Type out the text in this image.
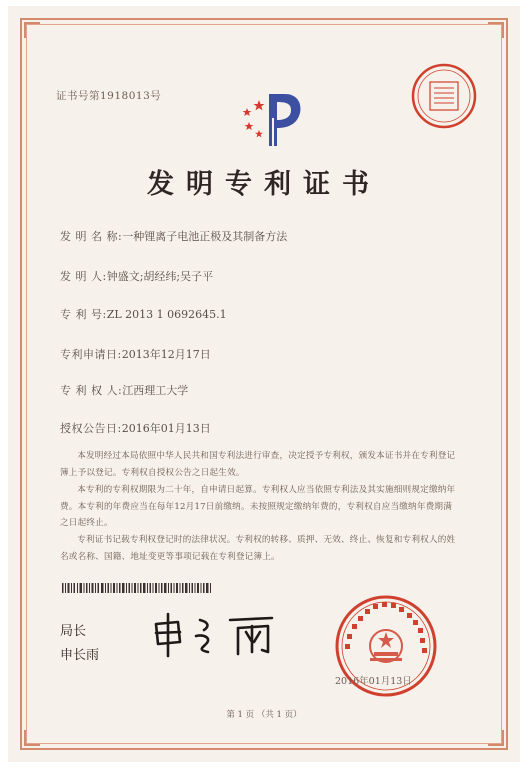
证书号第1918013号
发明专利证书
发 明 名 称:一种锂离子电池正极及其制备方法
发 明 人:钟盛文;胡经纬;吴子平
专 利 号:ZL 2013 1 0692645.1
专利申请日:2013年12月17日
专 利 权 人:江西理工大学
授权公告日:2016年01月13日
本发明经过本局依照中华人民共和国专利法进行审查，决定授予专利权，颁发本证书并在专利登记簿上予以登记。专利权自授权公告之日起生效。
本专利的专利权期限为二十年，自申请日起算。专利权人应当依照专利法及其实施细则规定缴纳年费。本专利的年费应当在每年12月17日前缴纳。未按照规定缴纳年费的，专利权自应当缴纳年费期满之日起终止。
专利证书记载专利权登记时的法律状况。专利权的转移、质押、无效、终止、恢复和专利权人的姓名或名称、国籍、地址变更等事项记载在专利登记簿上。
局长
申长雨
2016年01月13日
第 1 页 （共 1 页）
